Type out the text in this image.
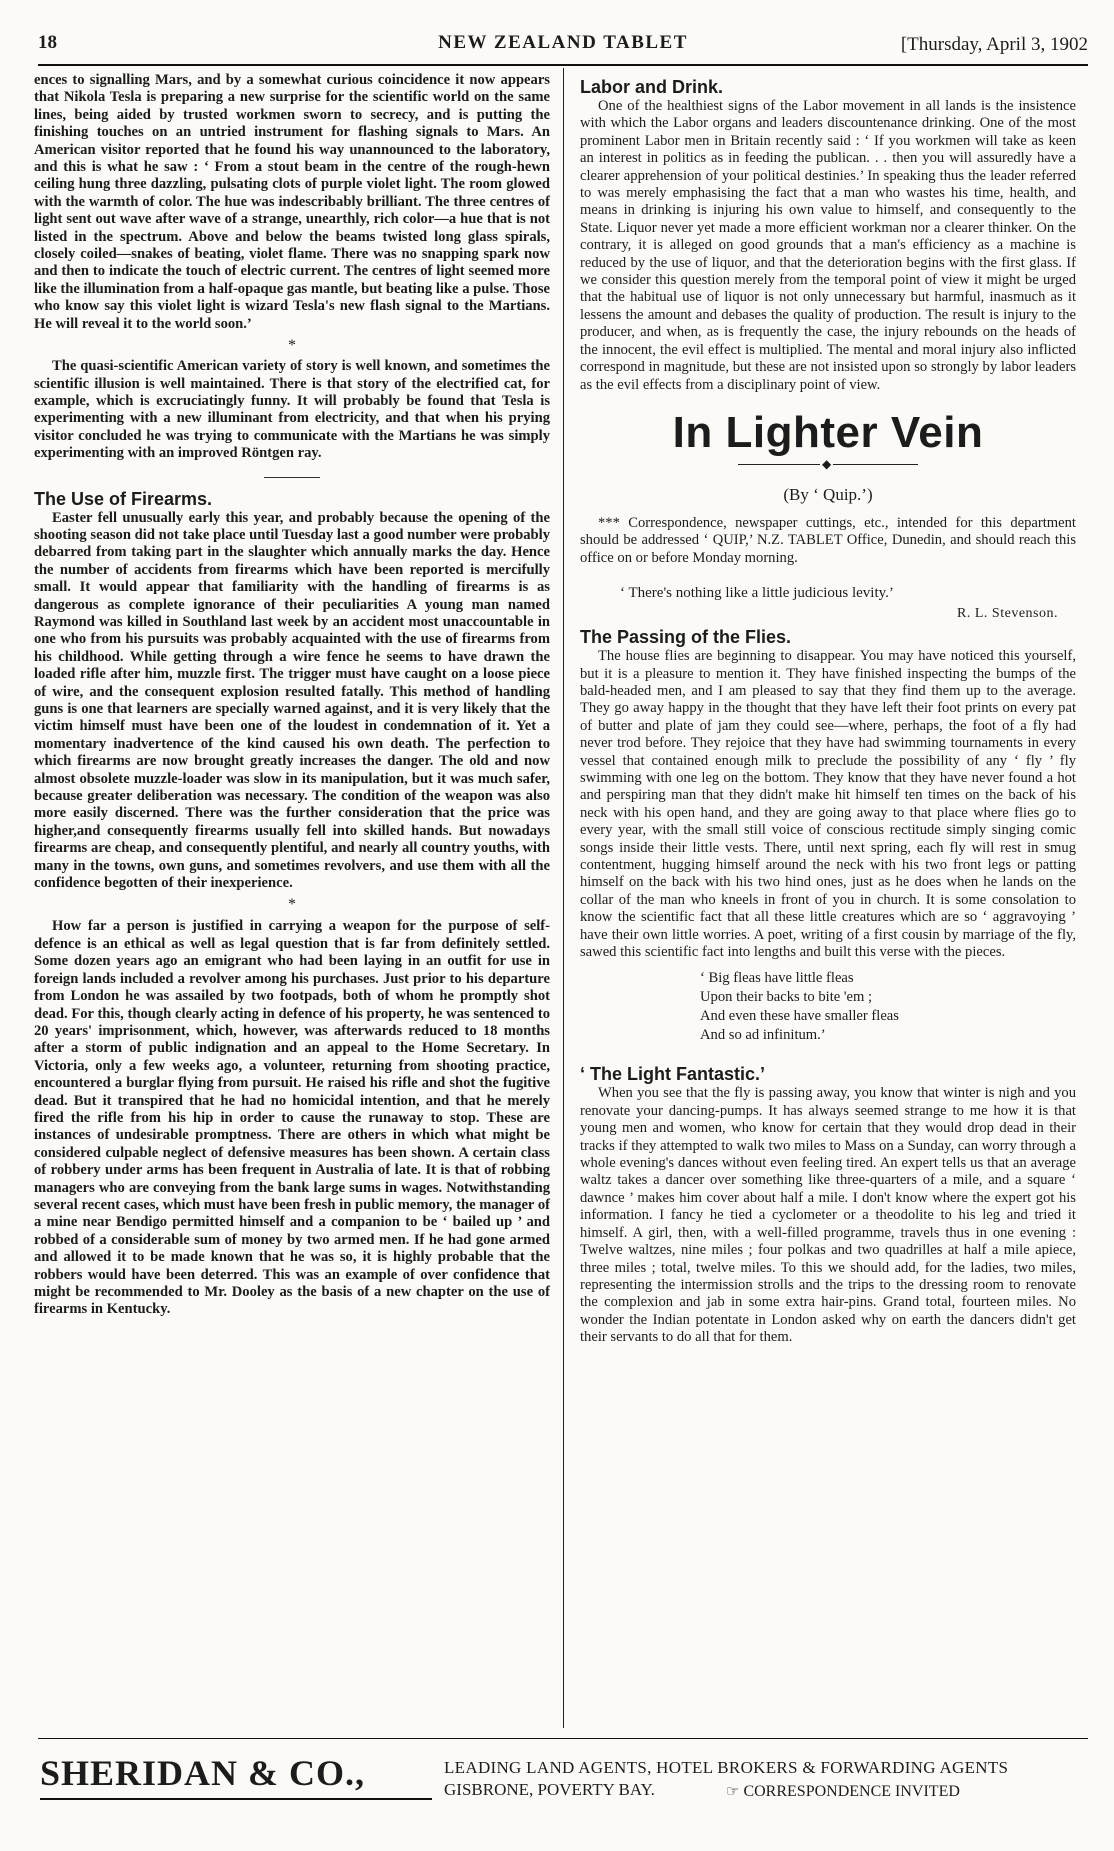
18	NEW ZEALAND TABLET	[Thursday, April 3, 1902

ences to signalling Mars, and by a somewhat curious coincidence it now appears that Nikola Tesla is preparing a new surprise for the scientific world on the same lines, being aided by trusted workmen sworn to secrecy, and is putting the finishing touches on an untried instrument for flashing signals to Mars. An American visitor reported that he found his way unannounced to the laboratory, and this is what he saw : ‘ From a stout beam in the centre of the rough-hewn ceiling hung three dazzling, pulsating clots of purple violet light. The room glowed with the warmth of color. The hue was indescribably brilliant. The three centres of light sent out wave after wave of a strange, unearthly, rich color—a hue that is not listed in the spectrum. Above and below the beams twisted long glass spirals, closely coiled—snakes of beating, violet flame. There was no snapping spark now and then to indicate the touch of electric current. The centres of light seemed more like the illumination from a half-opaque gas mantle, but beating like a pulse. Those who know say this violet light is wizard Tesla's new flash signal to the Martians. He will reveal it to the world soon.’

*

The quasi-scientific American variety of story is well known, and sometimes the scientific illusion is well maintained. There is that story of the electrified cat, for example, which is excruciatingly funny. It will probably be found that Tesla is experimenting with a new illuminant from electricity, and that when his prying visitor concluded he was trying to communicate with the Martians he was simply experimenting with an improved Röntgen ray.

The Use of Firearms.

Easter fell unusually early this year, and probably because the opening of the shooting season did not take place until Tuesday last a good number were probably debarred from taking part in the slaughter which annually marks the day. Hence the number of accidents from firearms which have been reported is mercifully small. It would appear that familiarity with the handling of firearms is as dangerous as complete ignorance of their peculiarities A young man named Raymond was killed in Southland last week by an accident most unaccountable in one who from his pursuits was probably acquainted with the use of firearms from his childhood. While getting through a wire fence he seems to have drawn the loaded rifle after him, muzzle first. The trigger must have caught on a loose piece of wire, and the consequent explosion resulted fatally. This method of handling guns is one that learners are specially warned against, and it is very likely that the victim himself must have been one of the loudest in condemnation of it. Yet a momentary inadvertence of the kind caused his own death. The perfection to which firearms are now brought greatly increases the danger. The old and now almost obsolete muzzle-loader was slow in its manipulation, but it was much safer, because greater deliberation was necessary. The condition of the weapon was also more easily discerned. There was the further consideration that the price was higher,and consequently firearms usually fell into skilled hands. But nowadays firearms are cheap, and consequently plentiful, and nearly all country youths, with many in the towns, own guns, and sometimes revolvers, and use them with all the confidence begotten of their inexperience.

*

How far a person is justified in carrying a weapon for the purpose of self-defence is an ethical as well as legal question that is far from definitely settled. Some dozen years ago an emigrant who had been laying in an outfit for use in foreign lands included a revolver among his purchases. Just prior to his departure from London he was assailed by two footpads, both of whom he promptly shot dead. For this, though clearly acting in defence of his property, he was sentenced to 20 years' imprisonment, which, however, was afterwards reduced to 18 months after a storm of public indignation and an appeal to the Home Secretary. In Victoria, only a few weeks ago, a volunteer, returning from shooting practice, encountered a burglar flying from pursuit. He raised his rifle and shot the fugitive dead. But it transpired that he had no homicidal intention, and that he merely fired the rifle from his hip in order to cause the runaway to stop. These are instances of undesirable promptness. There are others in which what might be considered culpable neglect of defensive measures has been shown. A certain class of robbery under arms has been frequent in Australia of late. It is that of robbing managers who are conveying from the bank large sums in wages. Notwithstanding several recent cases, which must have been fresh in public memory, the manager of a mine near Bendigo permitted himself and a companion to be ‘ bailed up ’ and robbed of a considerable sum of money by two armed men. If he had gone armed and allowed it to be made known that he was so, it is highly probable that the robbers would have been deterred. This was an example of over confidence that might be recommended to Mr. Dooley as the basis of a new chapter on the use of firearms in Kentucky.

Labor and Drink.

One of the healthiest signs of the Labor movement in all lands is the insistence with which the Labor organs and leaders discountenance drinking. One of the most prominent Labor men in Britain recently said : ‘ If you workmen will take as keen an interest in politics as in feeding the publican. . . then you will assuredly have a clearer apprehension of your political destinies.’ In speaking thus the leader referred to was merely emphasising the fact that a man who wastes his time, health, and means in drinking is injuring his own value to himself, and consequently to the State. Liquor never yet made a more efficient workman nor a clearer thinker. On the contrary, it is alleged on good grounds that a man's efficiency as a machine is reduced by the use of liquor, and that the deterioration begins with the first glass. If we consider this question merely from the temporal point of view it might be urged that the habitual use of liquor is not only unnecessary but harmful, inasmuch as it lessens the amount and debases the quality of production. The result is injury to the producer, and when, as is frequently the case, the injury rebounds on the heads of the innocent, the evil effect is multiplied. The mental and moral injury also inflicted correspond in magnitude, but these are not insisted upon so strongly by labor leaders as the evil effects from a disciplinary point of view.

In Lighter Vein
◆
(By ‘ Quip.’)

*** Correspondence, newspaper cuttings, etc., intended for this department should be addressed ‘ QUIP,’ N.Z. TABLET Office, Dunedin, and should reach this office on or before Monday morning.

‘ There's nothing like a little judicious levity.’
R. L. Stevenson.
The Passing of the Flies.

The house flies are beginning to disappear. You may have noticed this yourself, but it is a pleasure to mention it. They have finished inspecting the bumps of the bald-headed men, and I am pleased to say that they find them up to the average. They go away happy in the thought that they have left their foot prints on every pat of butter and plate of jam they could see—where, perhaps, the foot of a fly had never trod before. They rejoice that they have had swimming tournaments in every vessel that contained enough milk to preclude the possibility of any ‘ fly ’ fly swimming with one leg on the bottom. They know that they have never found a hot and perspiring man that they didn't make hit himself ten times on the back of his neck with his open hand, and they are going away to that place where flies go to every year, with the small still voice of conscious rectitude simply singing comic songs inside their little vests. There, until next spring, each fly will rest in smug contentment, hugging himself around the neck with his two front legs or patting himself on the back with his two hind ones, just as he does when he lands on the collar of the man who kneels in front of you in church. It is some consolation to know the scientific fact that all these little creatures which are so ‘ aggravoying ’ have their own little worries. A poet, writing of a first cousin by marriage of the fly, sawed this scientific fact into lengths and built this verse with the pieces.

‘ Big fleas have little fleas
Upon their backs to bite 'em ;
And even these have smaller fleas
And so ad infinitum.’
‘ The Light Fantastic.’

When you see that the fly is passing away, you know that winter is nigh and you renovate your dancing-pumps. It has always seemed strange to me how it is that young men and women, who know for certain that they would drop dead in their tracks if they attempted to walk two miles to Mass on a Sunday, can worry through a whole evening's dances without even feeling tired. An expert tells us that an average waltz takes a dancer over something like three-quarters of a mile, and a square ‘ dawnce ’ makes him cover about half a mile. I don't know where the expert got his information. I fancy he tied a cyclometer or a theodolite to his leg and tried it himself. A girl, then, with a well-filled programme, travels thus in one evening : Twelve waltzes, nine miles ; four polkas and two quadrilles at half a mile apiece, three miles ; total, twelve miles. To this we should add, for the ladies, two miles, representing the intermission strolls and the trips to the dressing room to renovate the complexion and jab in some extra hair-pins. Grand total, fourteen miles. No wonder the Indian potentate in London asked why on earth the dancers didn't get their servants to do all that for them.

SHERIDAN & CO.,	LEADING LAND AGENTS, HOTEL BROKERS & FORWARDING AGENTS
GISBRONE, POVERTY BAY.	☞ CORRESPONDENCE INVITED
